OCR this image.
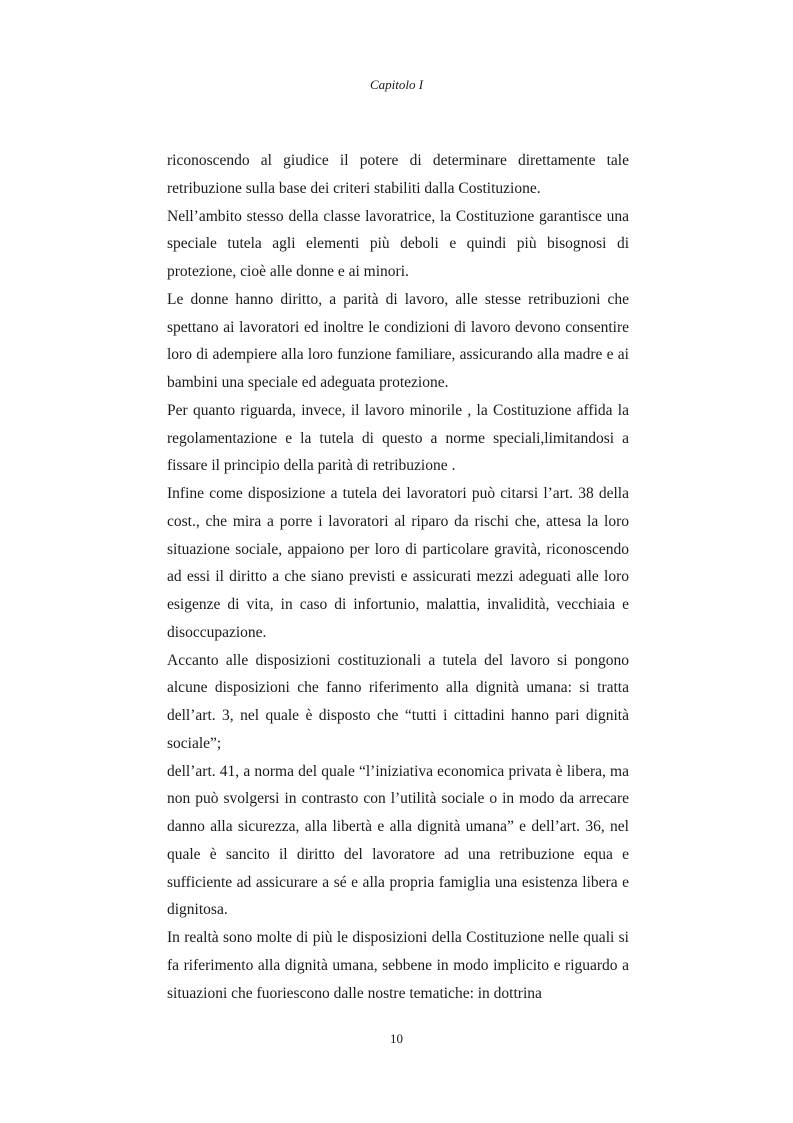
Capitolo I

riconoscendo al giudice il potere di determinare direttamente tale retribuzione sulla base dei criteri stabiliti dalla Costituzione.

Nell’ambito stesso della classe lavoratrice, la Costituzione garantisce una speciale tutela agli elementi più deboli e quindi più bisognosi di protezione, cioè alle donne e ai minori.

Le donne hanno diritto, a parità di lavoro, alle stesse retribuzioni che spettano ai lavoratori ed inoltre le condizioni di lavoro devono consentire loro di adempiere alla loro funzione familiare, assicurando alla madre e ai bambini una speciale ed adeguata protezione.

Per quanto riguarda, invece, il lavoro minorile , la Costituzione affida la regolamentazione e la tutela di questo a norme speciali,limitandosi a fissare il principio della parità di retribuzione .

Infine come disposizione a tutela dei lavoratori può citarsi l’art. 38 della cost., che mira a porre i lavoratori al riparo da rischi che, attesa la loro situazione sociale, appaiono per loro di particolare gravità, riconoscendo ad essi il diritto a che siano previsti e assicurati mezzi adeguati alle loro esigenze di vita, in caso di infortunio, malattia, invalidità, vecchiaia e disoccupazione.

Accanto alle disposizioni costituzionali a tutela del lavoro si pongono alcune disposizioni che fanno riferimento alla dignità umana: si tratta dell’art. 3, nel quale è disposto che “tutti i cittadini hanno pari dignità sociale”;

dell’art. 41, a norma del quale “l’iniziativa economica privata è libera, ma non può svolgersi in contrasto con l’utilità sociale o in modo da arrecare danno alla sicurezza, alla libertà e alla dignità umana” e dell’art. 36, nel quale è sancito il diritto del lavoratore ad una retribuzione equa e sufficiente ad assicurare a sé e alla propria famiglia una esistenza libera e dignitosa.

In realtà sono molte di più le disposizioni della Costituzione nelle quali si fa riferimento alla dignità umana, sebbene in modo implicito e riguardo a situazioni che fuoriescono dalle nostre tematiche: in dottrina

10
